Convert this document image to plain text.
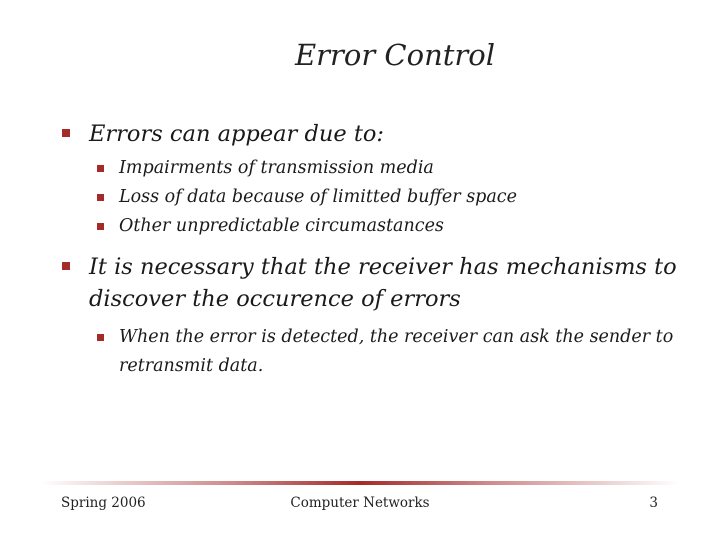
Error Control
Errors can appear due to:
Impairments of transmission media
Loss of data because of limitted buffer space
Other unpredictable circumastances
It is necessary that the receiver has mechanisms to discover the occurence of errors
When the error is detected, the receiver can ask the sender to retransmit data.
Spring 2006	Computer Networks	3
